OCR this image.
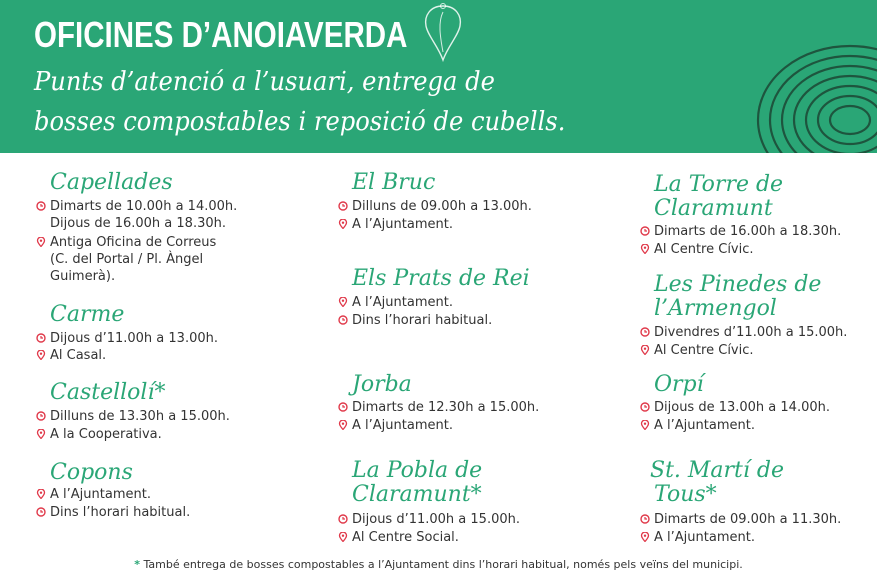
OFICINES D’ANOIAVERDA
Punts d’atenció a l’usuari, entrega de
bosses compostables i reposició de cubells.
Capellades
Dimarts de 10.00h a 14.00h.
Dijous de 16.00h a 18.30h.
Antiga Oficina de Correus
(C. del Portal / Pl. Àngel
Guimerà).
Carme
Dijous d’11.00h a 13.00h.
Al Casal.
Castellolí*
Dilluns de 13.30h a 15.00h.
A la Cooperativa.
Copons
A l’Ajuntament.
Dins l’horari habitual.
El Bruc
Dilluns de 09.00h a 13.00h.
A l’Ajuntament.
Els Prats de Rei
A l’Ajuntament.
Dins l’horari habitual.
Jorba
Dimarts de 12.30h a 15.00h.
A l’Ajuntament.
La Pobla de
Claramunt*
Dijous d’11.00h a 15.00h.
Al Centre Social.
La Torre de
Claramunt
Dimarts de 16.00h a 18.30h.
Al Centre Cívic.
Les Pinedes de
l’Armengol
Divendres d’11.00h a 15.00h.
Al Centre Cívic.
Orpí
Dijous de 13.00h a 14.00h.
A l’Ajuntament.
St. Martí de
Tous*
Dimarts de 09.00h a 11.30h.
A l’Ajuntament.
* També entrega de bosses compostables a l’Ajuntament dins l’horari habitual, només pels veïns del municipi.
